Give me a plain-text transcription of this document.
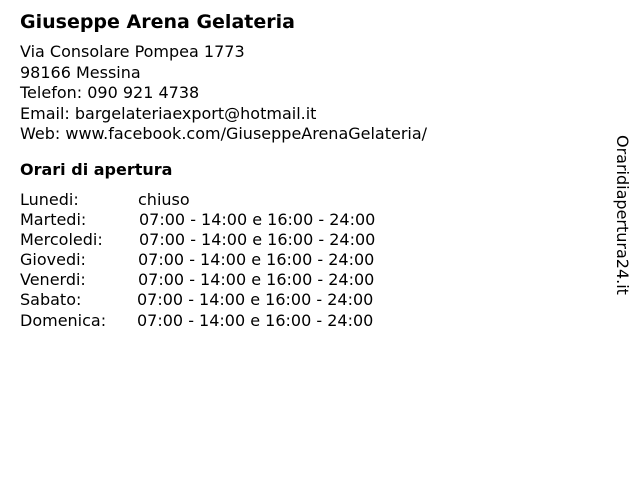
Giuseppe Arena Gelateria
Via Consolare Pompea 1773
98166 Messina
Telefon: 090 921 4738
Email: bargelateriaexport@hotmail.it
Web: www.facebook.com/GiuseppeArenaGelateria/
Orari di apertura
Lunedi:	chiuso
Martedi:	07:00 - 14:00 e 16:00 - 24:00
Mercoledi: 07:00 - 14:00 e 16:00 - 24:00
Giovedi:	07:00 - 14:00 e 16:00 - 24:00
Venerdi:	07:00 - 14:00 e 16:00 - 24:00
Sabato:	07:00 - 14:00 e 16:00 - 24:00
Domenica: 07:00 - 14:00 e 16:00 - 24:00
Oraridiapertura24.it
